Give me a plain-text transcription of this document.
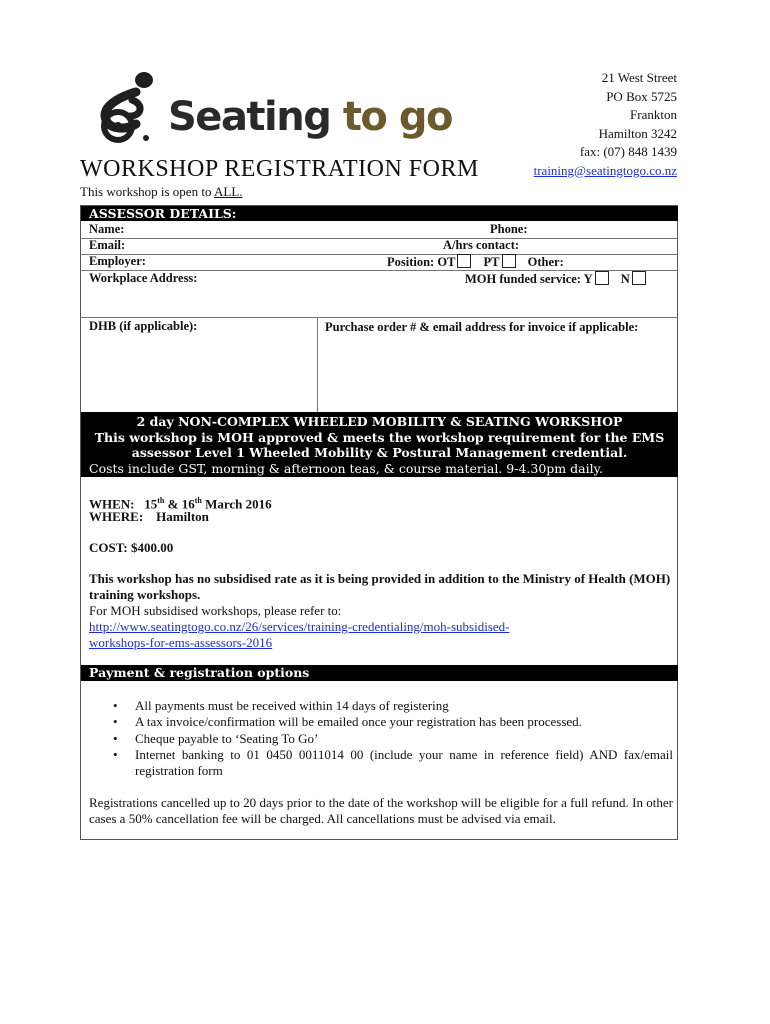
Seating to go
21 West Street
PO Box 5725
Frankton
Hamilton 3242
fax: (07) 848 1439
training@seatingtogo.co.nz
WORKSHOP REGISTRATION FORM
This workshop is open to ALL.
ASSESSOR DETAILS:
Name:	Phone:
Email:	A/hrs contact:
Employer:	Position: OT PT Other:
Workplace Address:	MOH funded service: Y N
DHB (if applicable):	Purchase order # & email address for invoice if applicable:
2 day NON-COMPLEX WHEELED MOBILITY & SEATING WORKSHOP
This workshop is MOH approved & meets the workshop requirement for the EMS
assessor Level 1 Wheeled Mobility & Postural Management credential.
Costs include GST, morning & afternoon teas, & course material. 9-4.30pm daily.
WHEN: 15th & 16th March 2016
WHERE: Hamilton
COST: $400.00
This workshop has no subsidised rate as it is being provided in addition to the Ministry of Health (MOH) training workshops.
For MOH subsidised workshops, please refer to:
http://www.seatingtogo.co.nz/26/services/training-credentialing/moh-subsidised-
workshops-for-ems-assessors-2016
Payment & registration options
• All payments must be received within 14 days of registering
• A tax invoice/confirmation will be emailed once your registration has been processed.
• Cheque payable to ‘Seating To Go’
• Internet banking to 01 0450 0011014 00 (include your name in reference field) AND fax/email registration form
Registrations cancelled up to 20 days prior to the date of the workshop will be eligible for a full refund. In other cases a 50% cancellation fee will be charged. All cancellations must be advised via email.
